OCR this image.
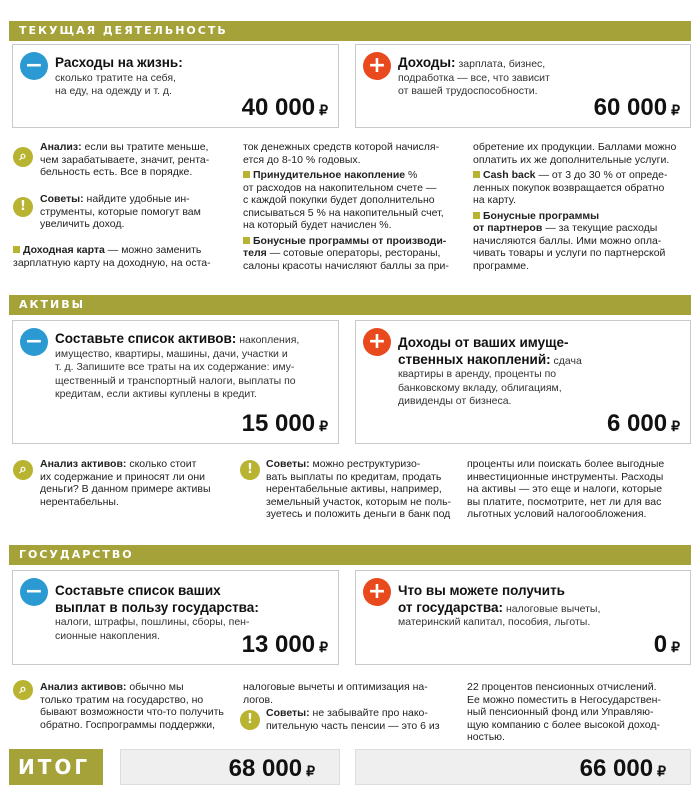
ТЕКУЩАЯ ДЕЯТЕЛЬНОСТЬ
− Расходы на жизнь:
сколько тратите на себя,
на еду, на одежду и т. д.
40 000 ₽
+ Доходы: зарплата, бизнес,
подработка — все, что зависит
от вашей трудоспособности.
60 000 ₽
⌕
Анализ: если вы тратите меньше,
чем зарабатываете, значит, рента-
бельность есть. Все в порядке.
!	Советы: найдите удобные ин-
струменты, которые помогут вам
увеличить доход.
Доходная карта — можно заменить
зарплатную карту на доходную, на оста-

ток денежных средств которой начисля-
ется до 8-10 % годовых.

Принудительное накопление %
от расходов на накопительном счете —
с каждой покупки будет дополнительно
списываться 5 % на накопительный счет,
на который будет начислен %.

Бонусные программы от производи-
теля — сотовые операторы, рестораны,
салоны красоты начисляют баллы за при-

обретение их продукции. Баллами можно
оплатить их же дополнительные услуги.

Cash back — от 3 до 30 % от опреде-
ленных покупок возвращается обратно
на карту.

Бонусные программы
от партнеров — за текущие расходы
начисляются баллы. Ими можно опла-
чивать товары и услуги по партнерской
программе.

АКТИВЫ
− Составьте список активов: накопления,
имущество, квартиры, машины, дачи, участки и
т. д. Запишите все траты на их содержание: иму-
щественный и транспортный налоги, выплаты по
кредитам, если активы куплены в кредит.
15 000 ₽
+ Доходы от ваших имуще-
ственных накоплений: сдача
квартиры в аренду, проценты по
банковскому вкладу, облигациям,
дивиденды от бизнеса.
6 000 ₽
⌕	Анализ активов: сколько стоит
их содержание и приносят ли они
деньги? В данном примере активы
нерентабельны.
!	Советы: можно реструктуризо-
вать выплаты по кредитам, продать
нерентабельные активы, например,
земельный участок, которым не поль-
зуетесь и положить деньги в банк под
проценты или поискать более выгодные
инвестиционные инструменты. Расходы
на активы — это еще и налоги, которые
вы платите, посмотрите, нет ли для вас
льготных условий налогообложения.
ГОСУДАРСТВО
− Составьте список ваших
выплат в пользу государства:
налоги, штрафы, пошлины, сборы, пен-
сионные накопления.	13 000 ₽
+ Что вы можете получить
от государства: налоговые вычеты,
материнский капитал, пособия, льготы.
0 ₽
⌕	Анализ активов: обычно мы
только тратим на государство, но
бывают возможности что-то получить
обратно. Госпрограммы поддержки,
налоговые вычеты и оптимизация на-
логов.
!	Советы: не забывайте про нако-
пительную часть пенсии — это 6 из
22 процентов пенсионных отчислений.
Ее можно поместить в Негосударствен-
ный пенсионный фонд или Управляю-
щую компанию с более высокой доход-
ностью.
ИТОГ	68 000 ₽	66 000 ₽
